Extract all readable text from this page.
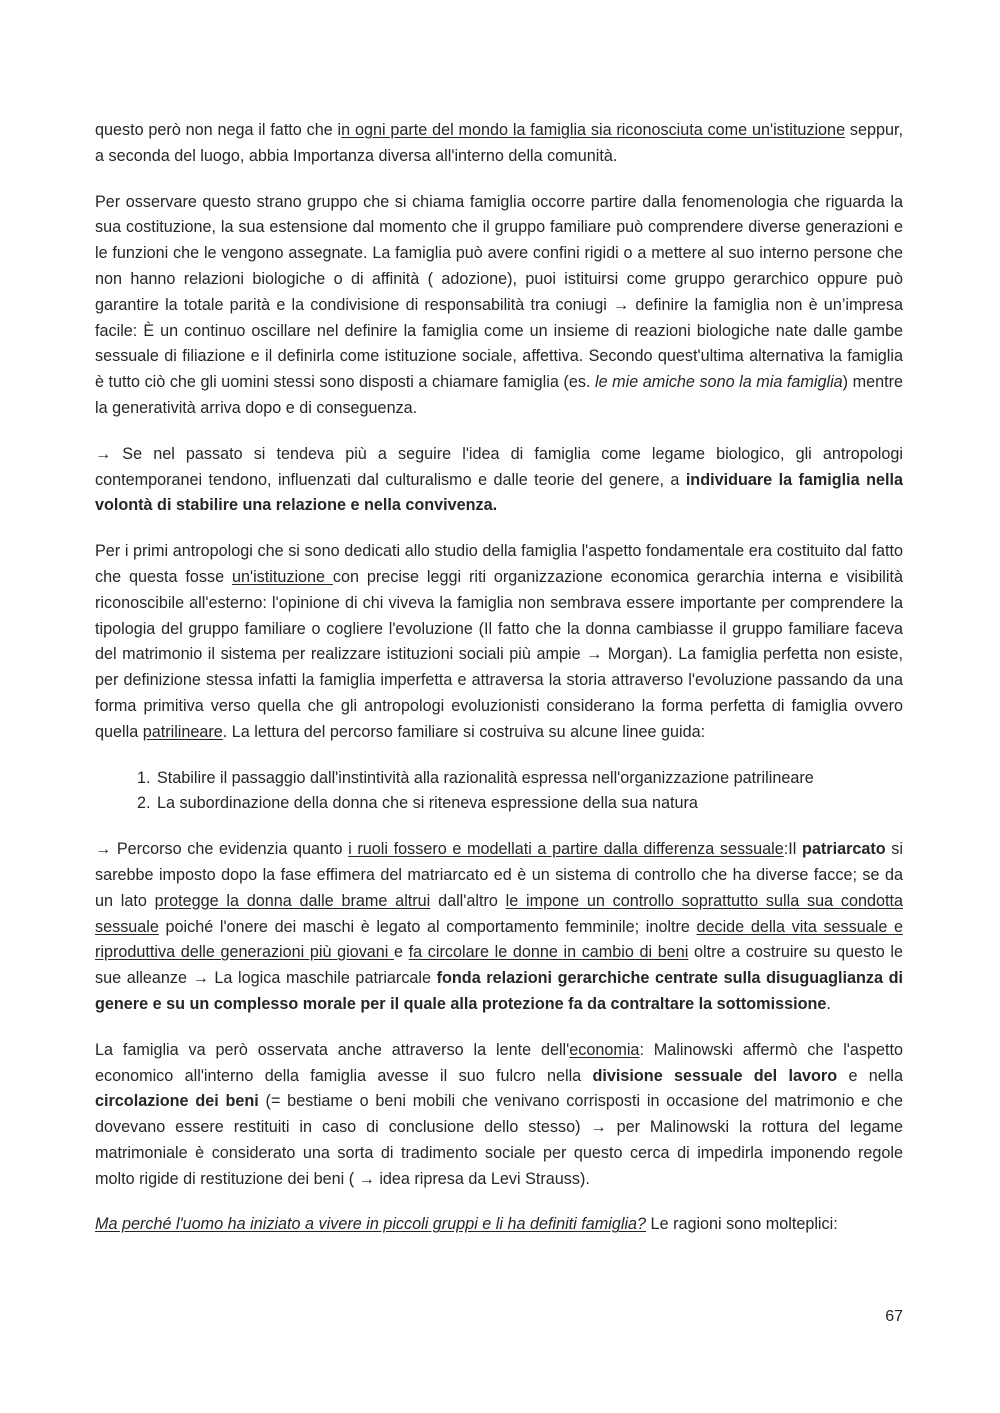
questo però non nega il fatto che in ogni parte del mondo la famiglia sia riconosciuta come un'istituzione seppur, a seconda del luogo, abbia Importanza diversa all'interno della comunità.

Per osservare questo strano gruppo che si chiama famiglia occorre partire dalla fenomenologia che riguarda la sua costituzione, la sua estensione dal momento che il gruppo familiare può comprendere diverse generazioni e le funzioni che le vengono assegnate. La famiglia può avere confini rigidi o a mettere al suo interno persone che non hanno relazioni biologiche o di affinità ( adozione), puoi istituirsi come gruppo gerarchico oppure può garantire la totale parità e la condivisione di responsabilità tra coniugi → definire la famiglia non è un’impresa facile: È un continuo oscillare nel definire la famiglia come un insieme di reazioni biologiche nate dalle gambe sessuale di filiazione e il definirla come istituzione sociale, affettiva. Secondo quest'ultima alternativa la famiglia è tutto ciò che gli uomini stessi sono disposti a chiamare famiglia (es. le mie amiche sono la mia famiglia) mentre la generatività arriva dopo e di conseguenza.

→ Se nel passato si tendeva più a seguire l'idea di famiglia come legame biologico, gli antropologi contemporanei tendono, influenzati dal culturalismo e dalle teorie del genere, a individuare la famiglia nella volontà di stabilire una relazione e nella convivenza.

Per i primi antropologi che si sono dedicati allo studio della famiglia l'aspetto fondamentale era costituito dal fatto che questa fosse un'istituzione con precise leggi riti organizzazione economica gerarchia interna e visibilità riconoscibile all'esterno: l'opinione di chi viveva la famiglia non sembrava essere importante per comprendere la tipologia del gruppo familiare o cogliere l'evoluzione (Il fatto che la donna cambiasse il gruppo familiare faceva del matrimonio il sistema per realizzare istituzioni sociali più ampie → Morgan). La famiglia perfetta non esiste, per definizione stessa infatti la famiglia imperfetta e attraversa la storia attraverso l'evoluzione passando da una forma primitiva verso quella che gli antropologi evoluzionisti considerano la forma perfetta di famiglia ovvero quella patrilineare. La lettura del percorso familiare si costruiva su alcune linee guida:

1. Stabilire il passaggio dall'instintività alla razionalità espressa nell'organizzazione patrilineare
2. La subordinazione della donna che si riteneva espressione della sua natura

→ Percorso che evidenzia quanto i ruoli fossero e modellati a partire dalla differenza sessuale:Il patriarcato si sarebbe imposto dopo la fase effimera del matriarcato ed è un sistema di controllo che ha diverse facce; se da un lato protegge la donna dalle brame altrui dall'altro le impone un controllo soprattutto sulla sua condotta sessuale poiché l'onere dei maschi è legato al comportamento femminile; inoltre decide della vita sessuale e riproduttiva delle generazioni più giovani e fa circolare le donne in cambio di beni oltre a costruire su questo le sue alleanze → La logica maschile patriarcale fonda relazioni gerarchiche centrate sulla disuguaglianza di genere e su un complesso morale per il quale alla protezione fa da contraltare la sottomissione.

La famiglia va però osservata anche attraverso la lente dell'economia: Malinowski affermò che l'aspetto economico all'interno della famiglia avesse il suo fulcro nella divisione sessuale del lavoro e nella circolazione dei beni (= bestiame o beni mobili che venivano corrisposti in occasione del matrimonio e che dovevano essere restituiti in caso di conclusione dello stesso) → per Malinowski la rottura del legame matrimoniale è considerato una sorta di tradimento sociale per questo cerca di impedirla imponendo regole molto rigide di restituzione dei beni ( → idea ripresa da Levi Strauss).

Ma perché l'uomo ha iniziato a vivere in piccoli gruppi e li ha definiti famiglia? Le ragioni sono molteplici:

67
